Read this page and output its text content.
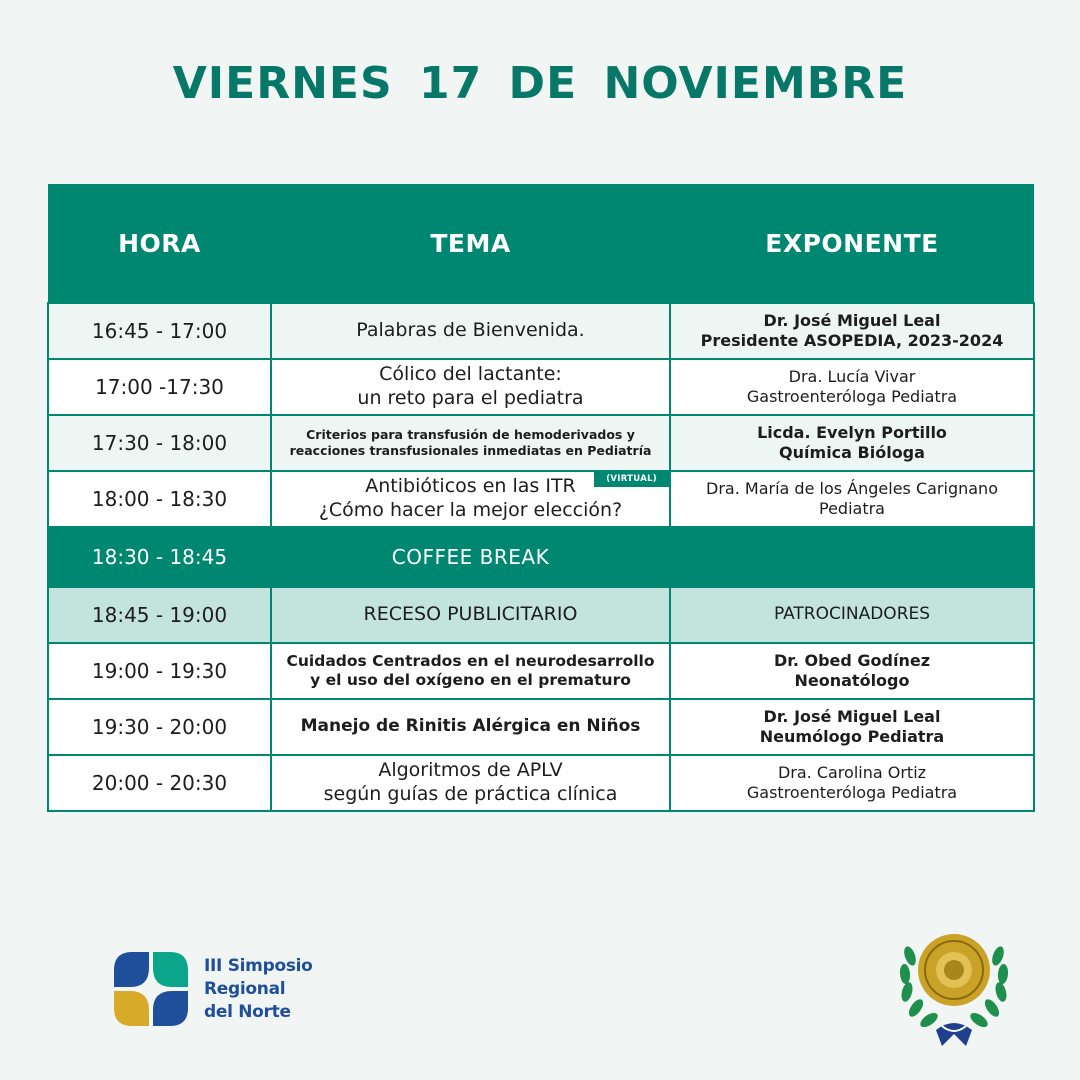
VIERNES 17 DE NOVIEMBRE
HORA	TEMA	EXPONENTE
16:45 - 17:00	Palabras de Bienvenida.	Dr. José Miguel Leal
Presidente ASOPEDIA, 2023-2024

17:00 -17:30	Cólico del lactante:
un reto para el pediatra	Dra. Lucía Vivar
Gastroenteróloga Pediatra

17:30 - 18:00	Criterios para transfusión de hemoderivados y
reacciones transfusionales inmediatas en Pediatría	Licda. Evelyn Portillo
Química Bióloga

18:00 - 18:30	(VIRTUAL)
Antibióticos en las ITR
¿Cómo hacer la mejor elección?	Dra. María de los Ángeles Carignano
Pediatra

18:30 - 18:45	COFFEE BREAK	
18:45 - 19:00	RECESO PUBLICITARIO	PATROCINADORES
19:00 - 19:30	Cuidados Centrados en el neurodesarrollo
y el uso del oxígeno en el prematuro	Dr. Obed Godínez
Neonatólogo

19:30 - 20:00	Manejo de Rinitis Alérgica en Niños	Dr. José Miguel Leal
Neumólogo Pediatra

20:00 - 20:30	Algoritmos de APLV
según guías de práctica clínica	Dra. Carolina Ortiz
Gastroenteróloga Pediatra
III Simposio
Regional
del Norte
